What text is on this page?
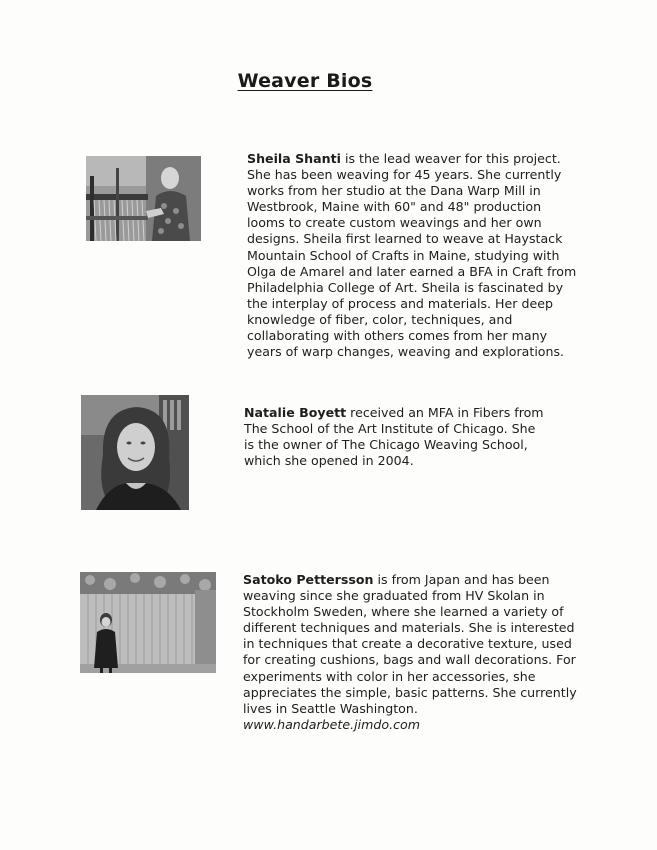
Weaver Bios
Sheila Shanti is the lead weaver for this project. She has been weaving for 45 years. She currently works from her studio at the Dana Warp Mill in Westbrook, Maine with 60" and 48" production looms to create custom weavings and her own designs. Sheila first learned to weave at Haystack Mountain School of Crafts in Maine, studying with Olga de Amarel and later earned a BFA in Craft from Philadelphia College of Art. Sheila is fascinated by the interplay of process and materials. Her deep knowledge of fiber, color, techniques, and collaborating with others comes from her many years of warp changes, weaving and explorations.
Natalie Boyett received an MFA in Fibers from The School of the Art Institute of Chicago. She is the owner of The Chicago Weaving School, which she opened in 2004.
Satoko Pettersson is from Japan and has been weaving since she graduated from HV Skolan in Stockholm Sweden, where she learned a variety of different techniques and materials. She is interested in techniques that create a decorative texture, used for creating cushions, bags and wall decorations. For experiments with color in her accessories, she appreciates the simple, basic patterns. She currently lives in Seattle Washington.
www.handarbete.jimdo.com
